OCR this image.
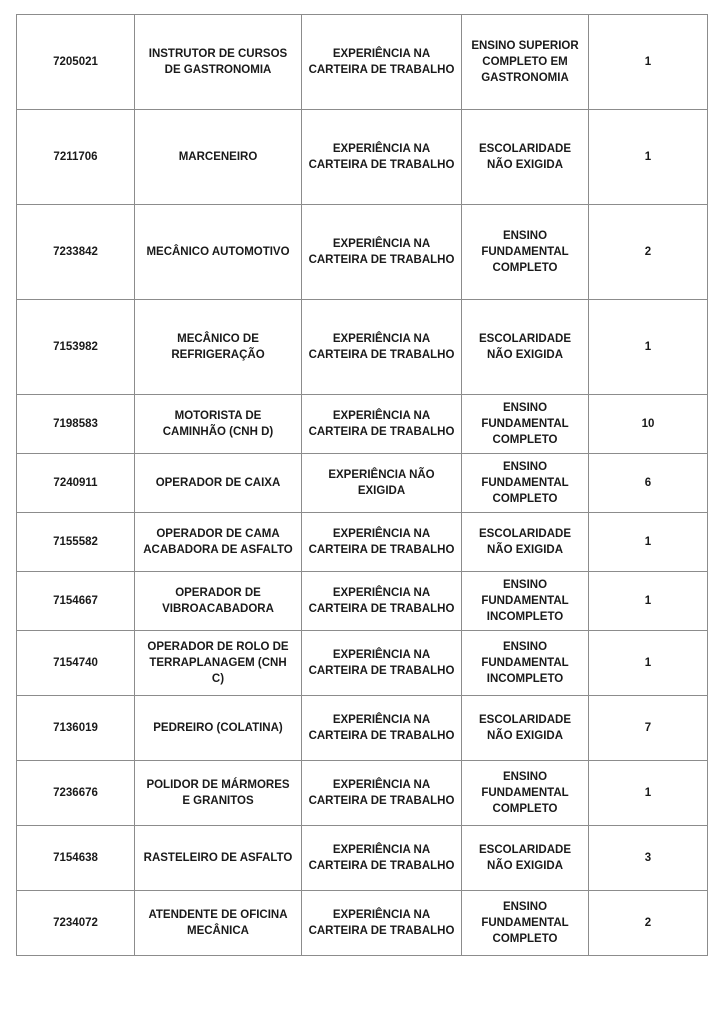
7205021	INSTRUTOR DE CURSOS DE GASTRONOMIA	EXPERIÊNCIA NA CARTEIRA DE TRABALHO	ENSINO SUPERIOR COMPLETO EM GASTRONOMIA	1
7211706	MARCENEIRO	EXPERIÊNCIA NA CARTEIRA DE TRABALHO	ESCOLARIDADE NÃO EXIGIDA	1
7233842	MECÂNICO AUTOMOTIVO	EXPERIÊNCIA NA CARTEIRA DE TRABALHO	ENSINO FUNDAMENTAL COMPLETO	2
7153982	MECÂNICO DE REFRIGERAÇÃO	EXPERIÊNCIA NA CARTEIRA DE TRABALHO	ESCOLARIDADE NÃO EXIGIDA	1
7198583	MOTORISTA DE CAMINHÃO (CNH D)	EXPERIÊNCIA NA CARTEIRA DE TRABALHO	ENSINO FUNDAMENTAL COMPLETO	10
7240911	OPERADOR DE CAIXA	EXPERIÊNCIA NÃO EXIGIDA	ENSINO FUNDAMENTAL COMPLETO	6
7155582	OPERADOR DE CAMA ACABADORA DE ASFALTO	EXPERIÊNCIA NA CARTEIRA DE TRABALHO	ESCOLARIDADE NÃO EXIGIDA	1
7154667	OPERADOR DE VIBROACABADORA	EXPERIÊNCIA NA CARTEIRA DE TRABALHO	ENSINO FUNDAMENTAL INCOMPLETO	1
7154740	OPERADOR DE ROLO DE TERRAPLANAGEM (CNH C)	EXPERIÊNCIA NA CARTEIRA DE TRABALHO	ENSINO FUNDAMENTAL INCOMPLETO	1
7136019	PEDREIRO (COLATINA)	EXPERIÊNCIA NA CARTEIRA DE TRABALHO	ESCOLARIDADE NÃO EXIGIDA	7
7236676	POLIDOR DE MÁRMORES E GRANITOS	EXPERIÊNCIA NA CARTEIRA DE TRABALHO	ENSINO FUNDAMENTAL COMPLETO	1
7154638	RASTELEIRO DE ASFALTO	EXPERIÊNCIA NA CARTEIRA DE TRABALHO	ESCOLARIDADE NÃO EXIGIDA	3
7234072	ATENDENTE DE OFICINA MECÂNICA	EXPERIÊNCIA NA CARTEIRA DE TRABALHO	ENSINO FUNDAMENTAL COMPLETO	2
